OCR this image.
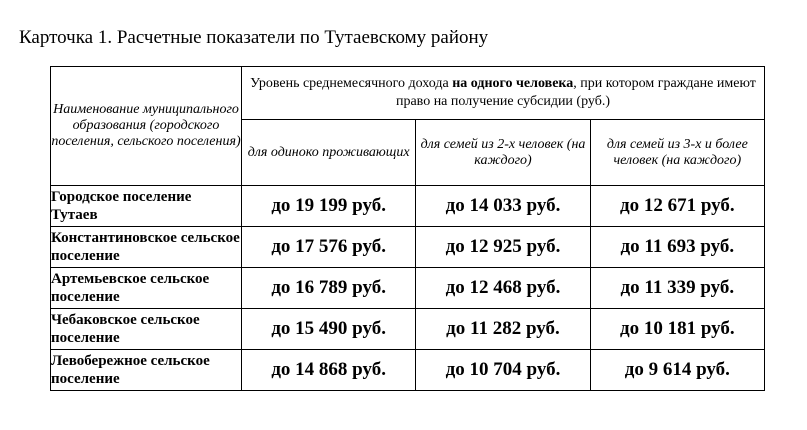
Карточка 1. Расчетные показатели по Тутаевскому району
Наименование муниципального образования (городского поселения, сельского поселения)	Уровень среднемесячного дохода на одного человека, при котором граждане имеют право на получение субсидии (руб.)		
	для одиноко проживающих	для семей из 2-х человек (на каждого)	для семей из 3-х и более человек (на каждого)
Городское поселение Тутаев	до 19 199 руб.	до 14 033 руб.	до 12 671 руб.
Константиновское сельское поселение	до 17 576 руб.	до 12 925 руб.	до 11 693 руб.
Артемьевское сельское поселение	до 16 789 руб.	до 12 468 руб.	до 11 339 руб.
Чебаковское сельское поселение	до 15 490 руб.	до 11 282 руб.	до 10 181 руб.
Левобережное сельское поселение	до 14 868 руб.	до 10 704 руб.	до 9 614 руб.
